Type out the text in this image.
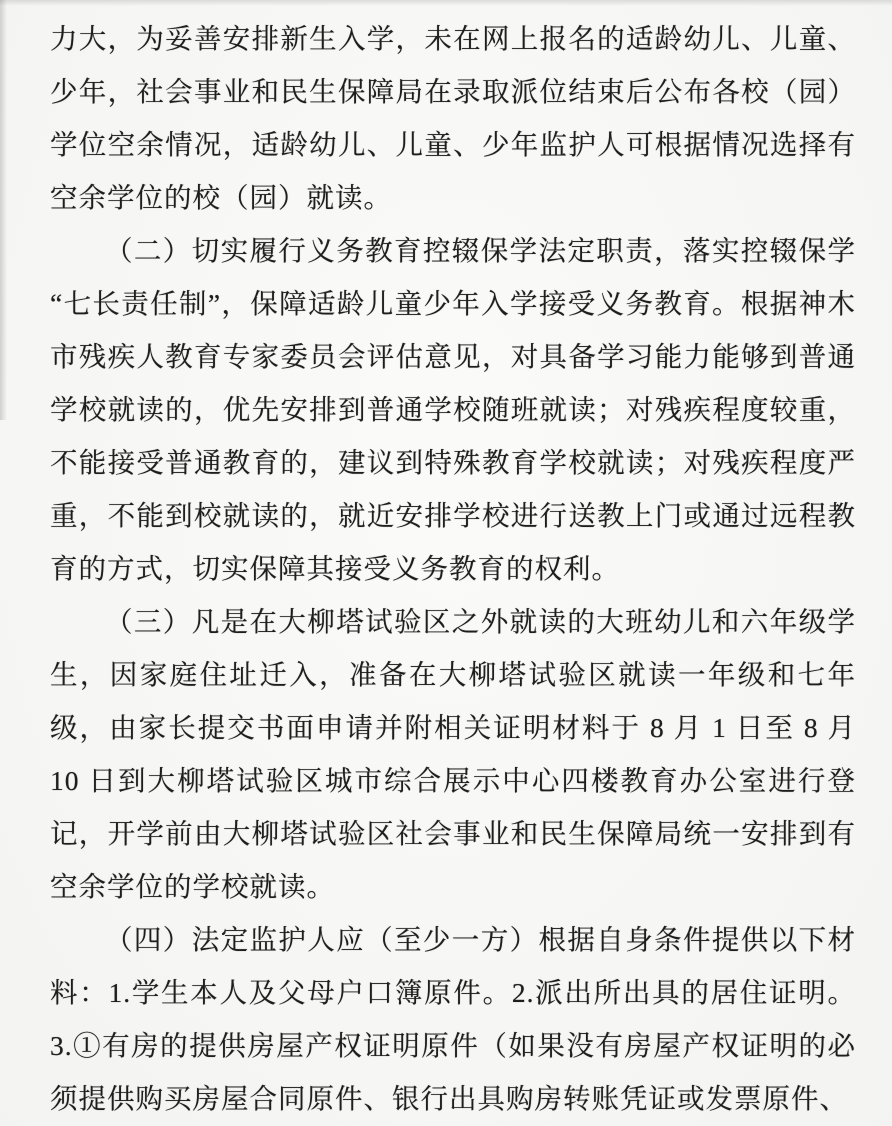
力大，为妥善安排新生入学，未在网上报名的适龄幼儿、儿童、少年，社会事业和民生保障局在录取派位结束后公布各校（园）学位空余情况，适龄幼儿、儿童、少年监护人可根据情况选择有空余学位的校（园）就读。

（二）切实履行义务教育控辍保学法定职责，落实控辍保学“七长责任制”，保障适龄儿童少年入学接受义务教育。根据神木市残疾人教育专家委员会评估意见，对具备学习能力能够到普通学校就读的，优先安排到普通学校随班就读；对残疾程度较重，不能接受普通教育的，建议到特殊教育学校就读；对残疾程度严重，不能到校就读的，就近安排学校进行送教上门或通过远程教育的方式，切实保障其接受义务教育的权利。

（三）凡是在大柳塔试验区之外就读的大班幼儿和六年级学生，因家庭住址迁入，准备在大柳塔试验区就读一年级和七年级，由家长提交书面申请并附相关证明材料于 8 月 1 日至 8 月 10 日到大柳塔试验区城市综合展示中心四楼教育办公室进行登记，开学前由大柳塔试验区社会事业和民生保障局统一安排到有空余学位的学校就读。

（四）法定监护人应（至少一方）根据自身条件提供以下材料：1.学生本人及父母户口簿原件。2.派出所出具的居住证明。3.①有房的提供房屋产权证明原件（如果没有房屋产权证明的必须提供购买房屋合同原件、银行出具购房转账凭证或发票原件、
